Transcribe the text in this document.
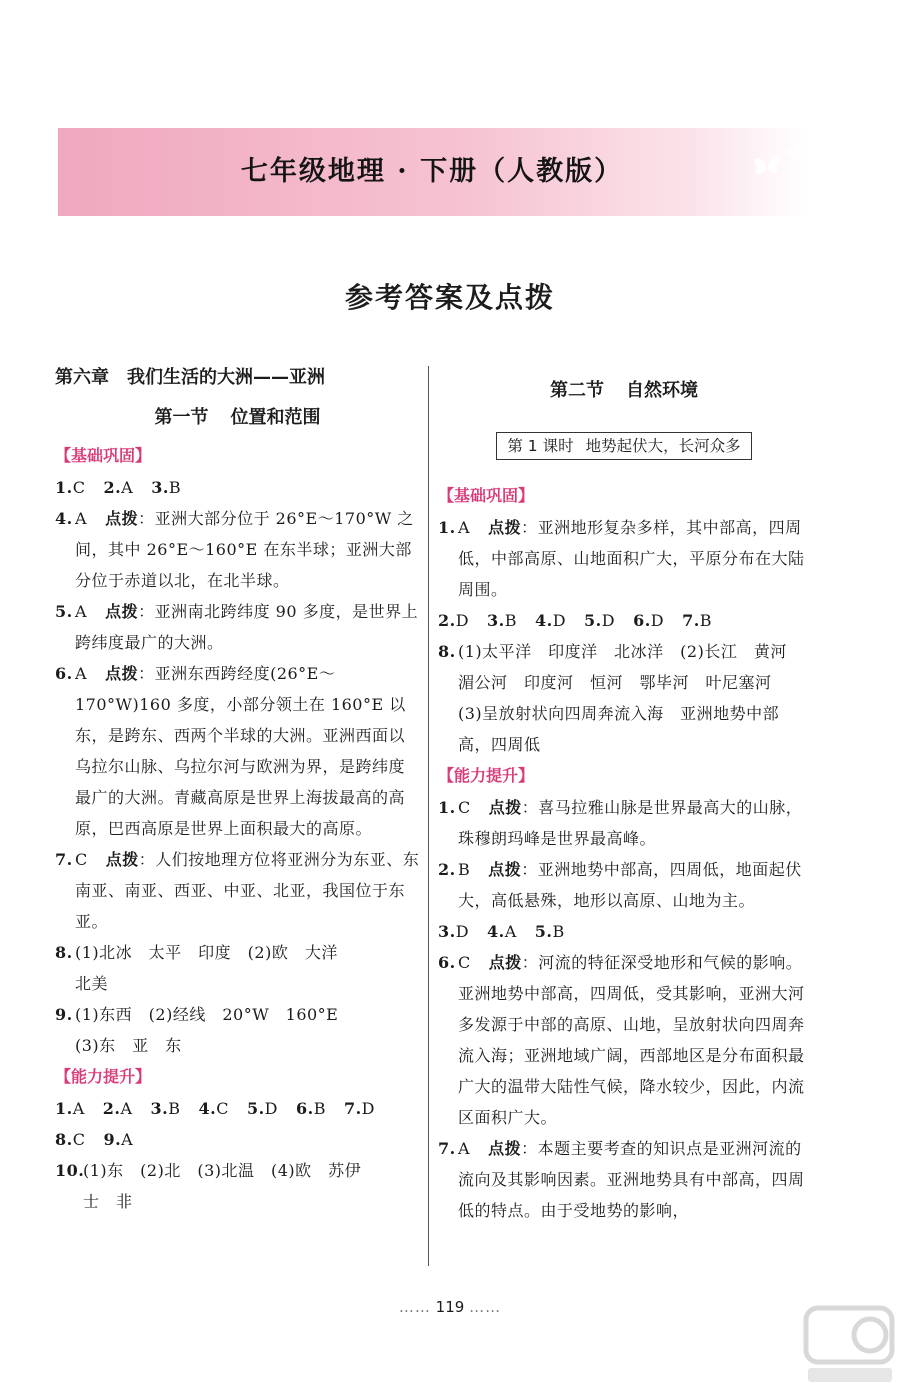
七年级地理 · 下册（人教版）
参考答案及点拨
第六章 我们生活的大洲——亚洲
第一节 位置和范围
【基础巩固】
1.C 2.A 3.B
4. A 点拨：亚洲大部分位于 26°E～170°W 之间，其中 26°E～160°E 在东半球；亚洲大部分位于赤道以北，在北半球。
5. A 点拨：亚洲南北跨纬度 90 多度，是世界上跨纬度最广的大洲。
6. A 点拨：亚洲东西跨经度(26°E～170°W)160 多度，小部分领土在 160°E 以东，是跨东、西两个半球的大洲。亚洲西面以乌拉尔山脉、乌拉尔河与欧洲为界，是跨纬度最广的大洲。青藏高原是世界上海拔最高的高原，巴西高原是世界上面积最大的高原。
7. C 点拨：人们按地理方位将亚洲分为东亚、东南亚、南亚、西亚、中亚、北亚，我国位于东亚。
8. (1)北冰　太平　印度　(2)欧　大洋
北美
9. (1)东西　(2)经线　20°W　160°E
(3)东　亚　东
【能力提升】
1.A 2.A 3.B 4.C 5.D 6.B 7.D
8.C 9.A
10.
(1)东　(2)北　(3)北温　(4)欧　苏伊
士　非
第二节 自然环境
第 1 课时 地势起伏大，长河众多
【基础巩固】
1. A 点拨：亚洲地形复杂多样，其中部高，四周低，中部高原、山地面积广大，平原分布在大陆周围。
2.D 3.B 4.D 5.D 6.D 7.B
8. (1)太平洋　印度洋　北冰洋　(2)长江　黄河　湄公河　印度河　恒河　鄂毕河　叶尼塞河　(3)呈放射状向四周奔流入海　亚洲地势中部高，四周低
【能力提升】
1. C 点拨：喜马拉雅山脉是世界最高大的山脉，珠穆朗玛峰是世界最高峰。
2. B 点拨：亚洲地势中部高，四周低，地面起伏大，高低悬殊，地形以高原、山地为主。
3.D 4.A 5.B
6. C 点拨：河流的特征深受地形和气候的影响。亚洲地势中部高，四周低，受其影响，亚洲大河多发源于中部的高原、山地，呈放射状向四周奔流入海；亚洲地域广阔，西部地区是分布面积最广大的温带大陆性气候，降水较少，因此，内流区面积广大。
7. A 点拨：本题主要考查的知识点是亚洲河流的流向及其影响因素。亚洲地势具有中部高，四周低的特点。由于受地势的影响，
…… 119 ……
